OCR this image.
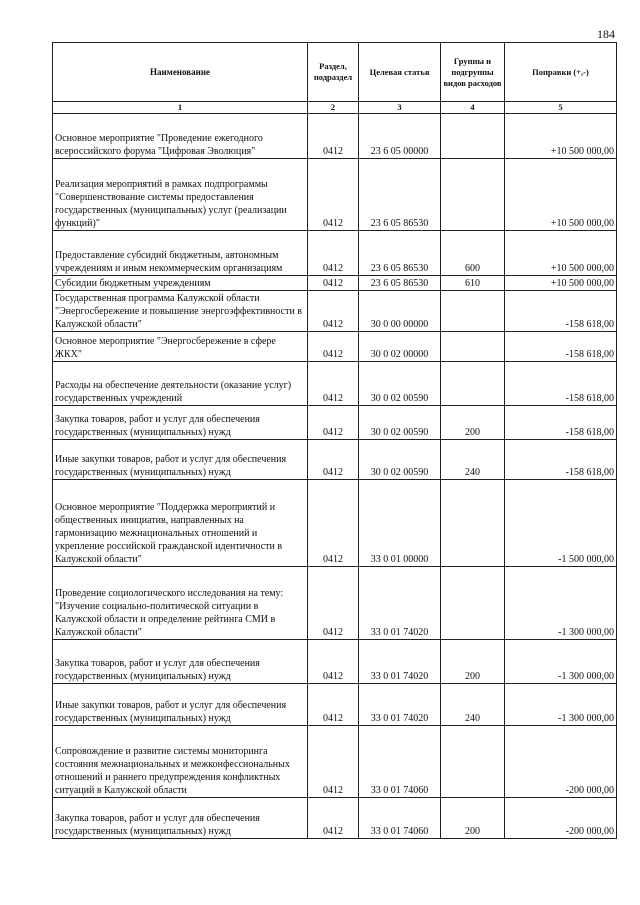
184
Наименование	Раздел, подраздел	Целевая статья	Группы и подгруппы видов расходов	Поправки (+,-)
1	2	3	4	5
Основное мероприятие "Проведение ежегодного всероссийского форума "Цифровая Эволюция"	0412	23 6 05 00000		+10 500 000,00
Реализация мероприятий в рамках подпрограммы "Совершенствование системы предоставления государственных (муниципальных) услуг (реализации функций)"	0412	23 6 05 86530		+10 500 000,00
Предоставление субсидий бюджетным, автономным учреждениям и иным некоммерческим организациям	0412	23 6 05 86530	600	+10 500 000,00
Субсидии бюджетным учреждениям	0412	23 6 05 86530	610	+10 500 000,00
Государственная программа Калужской области "Энергосбережение и повышение энергоэффективности в Калужской области"	0412	30 0 00 00000		-158 618,00
Основное мероприятие "Энергосбережение в сфере ЖКХ"	0412	30 0 02 00000		-158 618,00
Расходы на обеспечение деятельности (оказание услуг) государственных учреждений	0412	30 0 02 00590		-158 618,00
Закупка товаров, работ и услуг для обеспечения государственных (муниципальных) нужд	0412	30 0 02 00590	200	-158 618,00
Иные закупки товаров, работ и услуг для обеспечения государственных (муниципальных) нужд	0412	30 0 02 00590	240	-158 618,00
Основное мероприятие "Поддержка мероприятий и общественных инициатив, направленных на гармонизацию межнациональных отношений и укрепление российской гражданской идентичности в Калужской области"	0412	33 0 01 00000		-1 500 000,00
Проведение социологического исследования на тему: "Изучение социально-политической ситуации в Калужской области и определение рейтинга СМИ в Калужской области"	0412	33 0 01 74020		-1 300 000,00
Закупка товаров, работ и услуг для обеспечения государственных (муниципальных) нужд	0412	33 0 01 74020	200	-1 300 000,00
Иные закупки товаров, работ и услуг для обеспечения государственных (муниципальных) нужд	0412	33 0 01 74020	240	-1 300 000,00
Сопровождение и развитие системы мониторинга состояния межнациональных и межконфессиональных отношений и раннего предупреждения конфликтных ситуаций в Калужской области	0412	33 0 01 74060		-200 000,00
Закупка товаров, работ и услуг для обеспечения государственных (муниципальных) нужд	0412	33 0 01 74060	200	-200 000,00
